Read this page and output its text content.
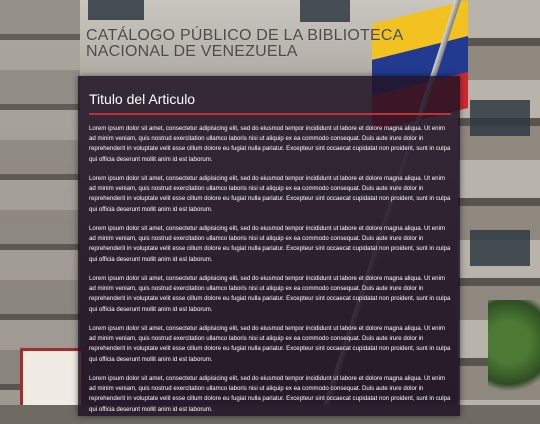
CATÁLOGO PÚBLICO DE LA BIBLIOTECA NACIONAL DE VENEZUELA
Titulo del Articulo

Lorem ipsum dolor sit amet, consectetur adipisicing elit, sed do eiusmod tempor incididunt ut labore et dolore magna aliqua. Ut enim ad minim veniam, quis nostrud exercitation ullamco laboris nisi ut aliquip ex ea commodo consequat. Duis aute irure dolor in reprehenderit in voluptate velit esse cillum dolore eu fugiat nulla pariatur. Excepteur sint occaecat cupidatat non proident, sunt in culpa qui officia deserunt mollit anim id est laborum.

Lorem ipsum dolor sit amet, consectetur adipisicing elit, sed do eiusmod tempor incididunt ut labore et dolore magna aliqua. Ut enim ad minim veniam, quis nostrud exercitation ullamco laboris nisi ut aliquip ex ea commodo consequat. Duis aute irure dolor in reprehenderit in voluptate velit esse cillum dolore eu fugiat nulla pariatur. Excepteur sint occaecat cupidatat non proident, sunt in culpa qui officia deserunt mollit anim id est laborum.

Lorem ipsum dolor sit amet, consectetur adipisicing elit, sed do eiusmod tempor incididunt ut labore et dolore magna aliqua. Ut enim ad minim veniam, quis nostrud exercitation ullamco laboris nisi ut aliquip ex ea commodo consequat. Duis aute irure dolor in reprehenderit in voluptate velit esse cillum dolore eu fugiat nulla pariatur. Excepteur sint occaecat cupidatat non proident, sunt in culpa qui officia deserunt mollit anim id est laborum.

Lorem ipsum dolor sit amet, consectetur adipisicing elit, sed do eiusmod tempor incididunt ut labore et dolore magna aliqua. Ut enim ad minim veniam, quis nostrud exercitation ullamco laboris nisi ut aliquip ex ea commodo consequat. Duis aute irure dolor in reprehenderit in voluptate velit esse cillum dolore eu fugiat nulla pariatur. Excepteur sint occaecat cupidatat non proident, sunt in culpa qui officia deserunt mollit anim id est laborum.

Lorem ipsum dolor sit amet, consectetur adipisicing elit, sed do eiusmod tempor incididunt ut labore et dolore magna aliqua. Ut enim ad minim veniam, quis nostrud exercitation ullamco laboris nisi ut aliquip ex ea commodo consequat. Duis aute irure dolor in reprehenderit in voluptate velit esse cillum dolore eu fugiat nulla pariatur. Excepteur sint occaecat cupidatat non proident, sunt in culpa qui officia deserunt mollit anim id est laborum.

Lorem ipsum dolor sit amet, consectetur adipisicing elit, sed do eiusmod tempor incididunt ut labore et dolore magna aliqua. Ut enim ad minim veniam, quis nostrud exercitation ullamco laboris nisi ut aliquip ex ea commodo consequat. Duis aute irure dolor in reprehenderit in voluptate velit esse cillum dolore eu fugiat nulla pariatur. Excepteur sint occaecat cupidatat non proident, sunt in culpa qui officia deserunt mollit anim id est laborum.
